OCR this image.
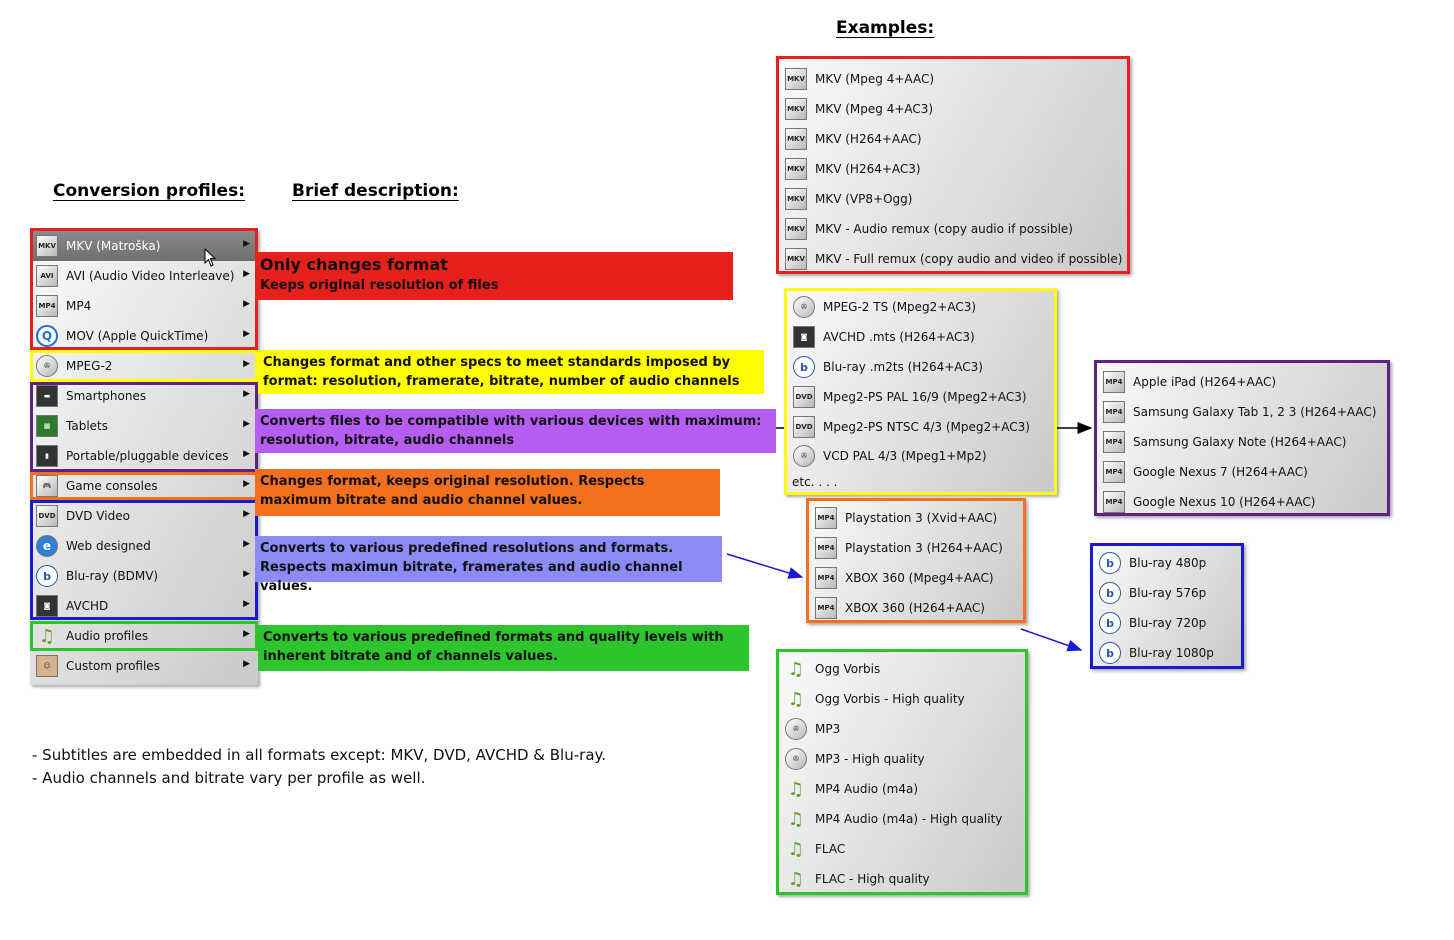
Examples:
Conversion profiles:	Brief description:
MKV MKV (Matroška)	▶
AVI	AVI (Audio Video Interleave) ▶
MP4 MP4	▶
Q	MOV (Apple QuickTime)	▶
✇	MPEG-2	▶
▬	Smartphones	▶
▦	Tablets	▶
▮	Portable/pluggable devices ▶
🎮	Game consoles	▶
DVD DVD Video	▶
e	Web designed	▶
b	Blu-ray (BDMV)	▶
◙	AVCHD	▶
♫ Audio profiles	▶
☺	Custom profiles	▶
Only changes format
Keeps original resolution of files
Changes format and other specs to meet standards imposed by format: resolution, framerate, bitrate, number of audio channels
Converts files to be compatible with various devices with maximum: resolution, bitrate, audio channels
Changes format, keeps original resolution. Respects maximum bitrate and audio channel values.
Converts to various predefined resolutions and formats. Respects maximun bitrate, framerates and audio channel values.
Converts to various predefined formats and quality levels with inherent bitrate and of channels values.
MKV MKV (Mpeg 4+AAC)
MKV MKV (Mpeg 4+AC3)
MKV MKV (H264+AAC)
MKV MKV (H264+AC3)
MKV MKV (VP8+Ogg)
MKV MKV - Audio remux (copy audio if possible)
MKV MKV - Full remux (copy audio and video if possible)
✇	MPEG-2 TS (Mpeg2+AC3)
◙	AVCHD .mts (H264+AC3)
b	Blu-ray .m2ts (H264+AC3)
DVD Mpeg2-PS PAL 16/9 (Mpeg2+AC3)
DVD Mpeg2-PS NTSC 4/3 (Mpeg2+AC3)
✇	VCD PAL 4/3 (Mpeg1+Mp2)
etc. . . .
MP4 Apple iPad (H264+AAC)
MP4 Samsung Galaxy Tab 1, 2 3 (H264+AAC)
MP4 Samsung Galaxy Note (H264+AAC)
MP4 Google Nexus 7 (H264+AAC)
MP4 Google Nexus 10 (H264+AAC)
MP4 Playstation 3 (Xvid+AAC)
MP4 Playstation 3 (H264+AAC)
MP4 XBOX 360 (Mpeg4+AAC)
MP4 XBOX 360 (H264+AAC)
b	Blu-ray 480p
b	Blu-ray 576p
b	Blu-ray 720p
b	Blu-ray 1080p
♫ Ogg Vorbis
♫ Ogg Vorbis - High quality
✇	MP3
✇	MP3 - High quality
♫ MP4 Audio (m4a)
♫ MP4 Audio (m4a) - High quality
♫ FLAC
♫ FLAC - High quality
- Subtitles are embedded in all formats except: MKV, DVD, AVCHD & Blu-ray.
- Audio channels and bitrate vary per profile as well.
